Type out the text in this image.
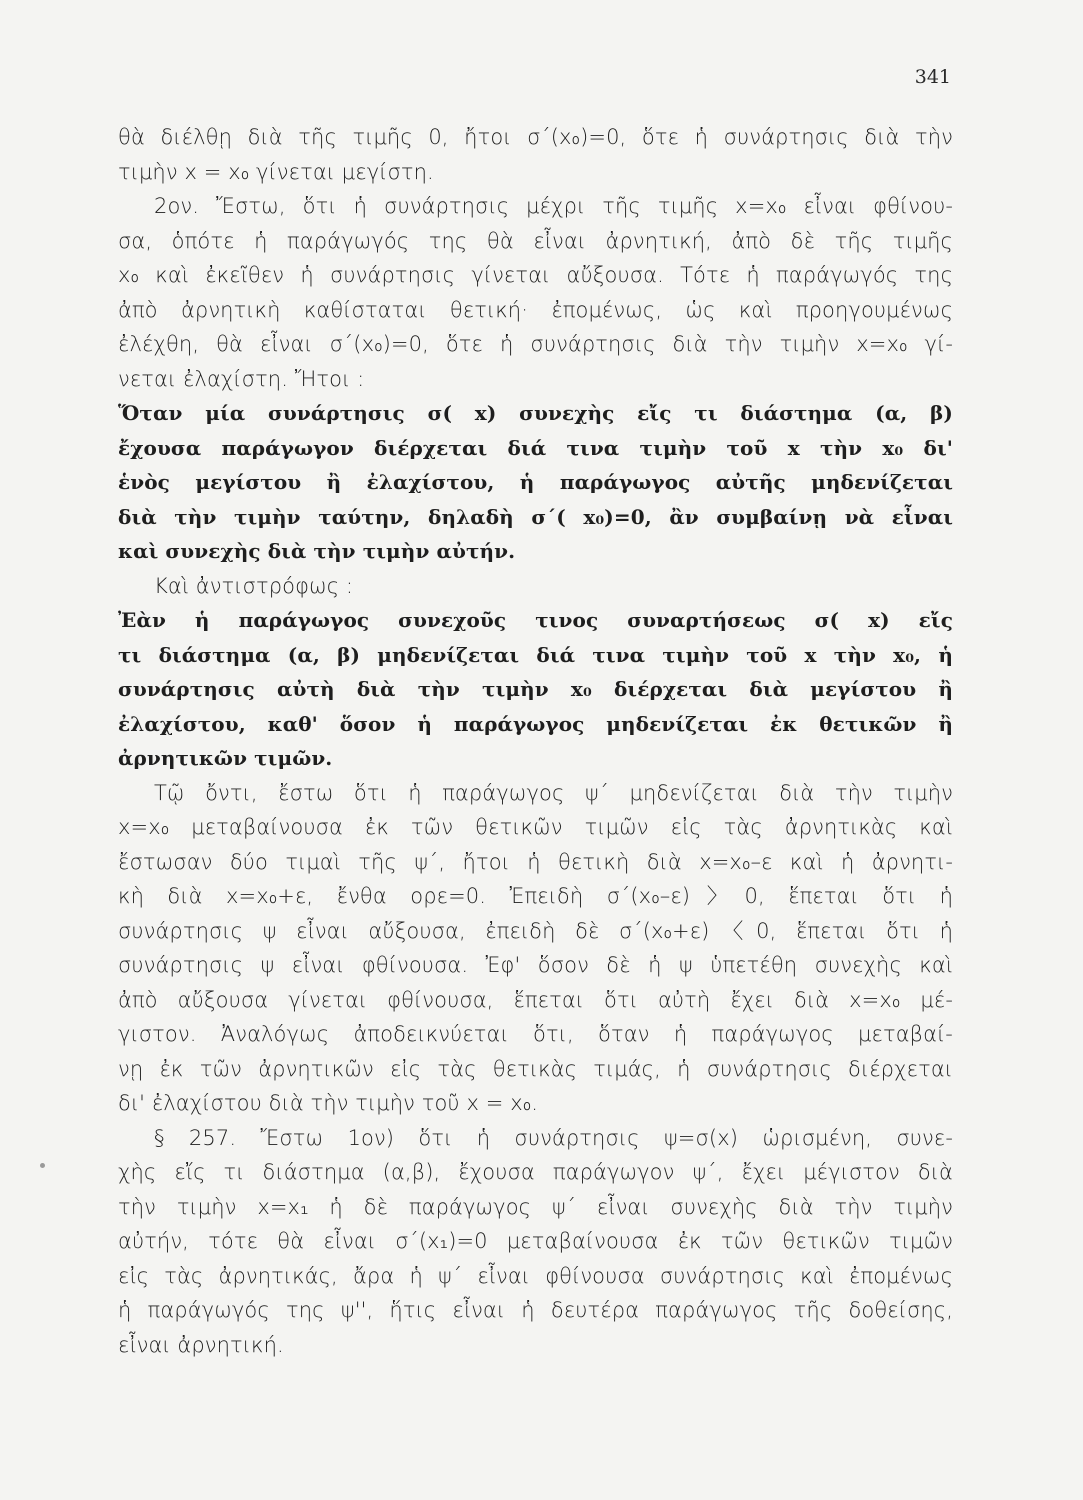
341
θὰ διέλθῃ διὰ τῆς τιμῆς 0, ἤτοι σ΄(x₀)=0, ὅτε ἡ συνάρτησις διὰ τὴν
τιμὴν x = x₀ γίνεται μεγίστη.
2ον. Ἔστω, ὅτι ἡ συνάρτησις μέχρι τῆς τιμῆς x=x₀ εἶναι φθίνου-
σα, ὁπότε ἡ παράγωγός της θὰ εἶναι ἀρνητική, ἀπὸ δὲ τῆς τιμῆς
x₀ καὶ ἐκεῖθεν ἡ συνάρτησις γίνεται αὔξουσα. Τότε ἡ παράγωγός της
ἀπὸ ἀρνητικὴ καθίσταται θετική· ἐπομένως, ὡς καὶ προηγουμένως
ἐλέχθη, θὰ εἶναι σ΄(x₀)=0, ὅτε ἡ συνάρτησις διὰ τὴν τιμὴν x=x₀ γί-
νεται ἐλαχίστη. Ἤτοι :
Ὅταν μία συνάρτησις σ( x) συνεχὴς εἴς τι διάστημα (α, β)
ἔχουσα παράγωγον διέρχεται διά τινα τιμὴν τοῦ x τὴν x₀ δι'
ἑνὸς μεγίστου ἢ ἐλαχίστου, ἡ παράγωγος αὐτῆς μηδενίζεται
διὰ τὴν τιμὴν ταύτην, δηλαδὴ σ΄( x₀)=0, ἂν συμβαίνῃ νὰ εἶναι
καὶ συνεχὴς διὰ τὴν τιμὴν αὐτήν.
Καὶ ἀντιστρόφως :
Ἐὰν ἡ παράγωγος συνεχοῦς τινος συναρτήσεως σ( x) εἴς
τι διάστημα (α, β) μηδενίζεται διά τινα τιμὴν τοῦ x τὴν x₀, ἡ
συνάρτησις αὐτὴ διὰ τὴν τιμὴν x₀ διέρχεται διὰ μεγίστου ἢ
ἐλαχίστου, καθ' ὅσον ἡ παράγωγος μηδενίζεται ἐκ θετικῶν ἢ
ἀρνητικῶν τιμῶν.
Τῷ ὄντι, ἔστω ὅτι ἡ παράγωγος ψ΄ μηδενίζεται διὰ τὴν τιμὴν
x=x₀ μεταβαίνουσα ἐκ τῶν θετικῶν τιμῶν εἰς τὰς ἀρνητικὰς καὶ
ἔστωσαν δύο τιμαὶ τῆς ψ΄, ἤτοι ἡ θετικὴ διὰ x=x₀–ε καὶ ἡ ἀρνητι-
κὴ διὰ x=x₀+ε, ἔνθα ορε=0. Ἐπειδὴ σ΄(x₀–ε)〉0, ἕπεται ὅτι ἡ
συνάρτησις ψ εἶναι αὔξουσα, ἐπειδὴ δὲ σ΄(x₀+ε)〈0, ἕπεται ὅτι ἡ
συνάρτησις ψ εἶναι φθίνουσα. Ἐφ' ὅσον δὲ ἡ ψ ὑπετέθη συνεχὴς καὶ
ἀπὸ αὔξουσα γίνεται φθίνουσα, ἕπεται ὅτι αὐτὴ ἔχει διὰ x=x₀ μέ-
γιστον. Ἀναλόγως ἀποδεικνύεται ὅτι, ὅταν ἡ παράγωγος μεταβαί-
νῃ ἐκ τῶν ἀρνητικῶν εἰς τὰς θετικὰς τιμάς, ἡ συνάρτησις διέρχεται
δι' ἐλαχίστου διὰ τὴν τιμὴν τοῦ x = x₀.
§ 257. Ἔστω 1ον) ὅτι ἡ συνάρτησις ψ=σ(x) ὡρισμένη, συνε-
χὴς εἴς τι διάστημα (α,β), ἔχουσα παράγωγον ψ΄, ἔχει μέγιστον διὰ
τὴν τιμὴν x=x₁ ἡ δὲ παράγωγος ψ΄ εἶναι συνεχὴς διὰ τὴν τιμὴν
αὐτήν, τότε θὰ εἶναι σ΄(x₁)=0 μεταβαίνουσα ἐκ τῶν θετικῶν τιμῶν
εἰς τὰς ἀρνητικάς, ἄρα ἡ ψ΄ εἶναι φθίνουσα συνάρτησις καὶ ἐπομένως
ἡ παράγωγός της ψ'', ἥτις εἶναι ἡ δευτέρα παράγωγος τῆς δοθείσης,
εἶναι ἀρνητική.
